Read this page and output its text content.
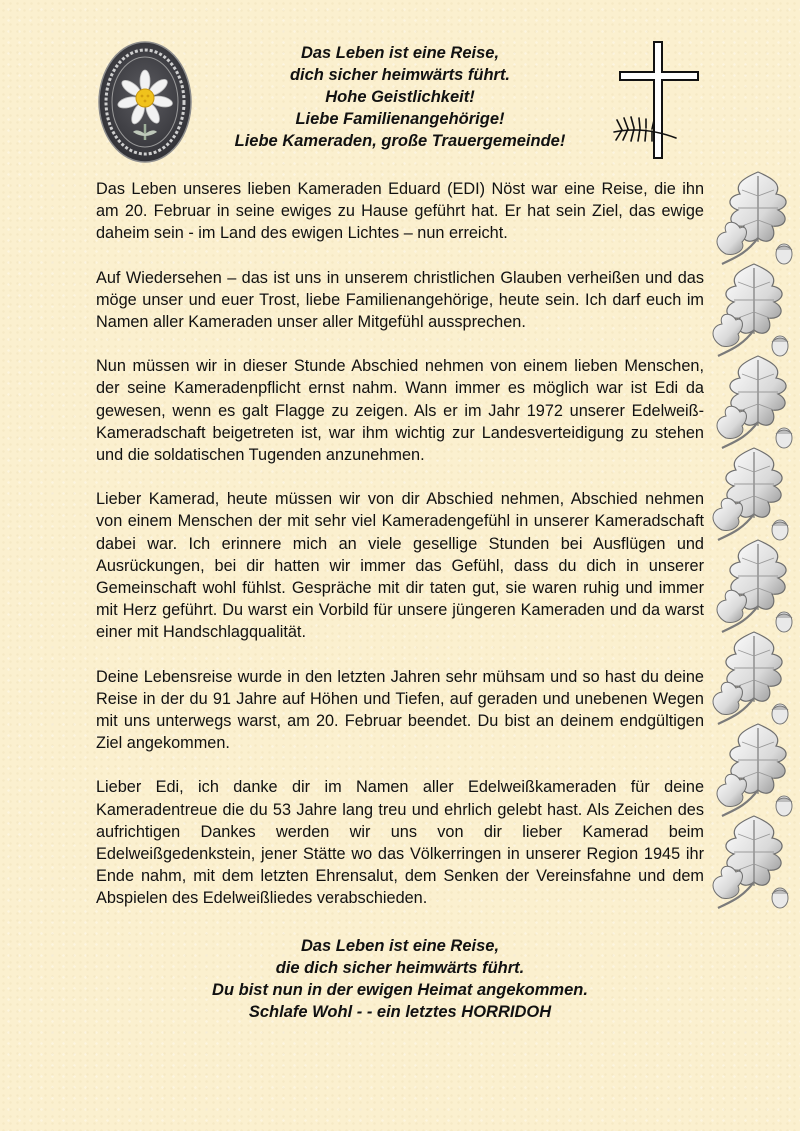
Das Leben ist eine Reise,
dich sicher heimwärts führt.
Hohe Geistlichkeit!
Liebe Familienangehörige!
Liebe Kameraden, große Trauergemeinde!

Das Leben unseres lieben Kameraden Eduard (EDI) Nöst war eine Reise, die ihn am 20. Februar in seine ewiges zu Hause geführt hat. Er hat sein Ziel, das ewige daheim sein - im Land des ewigen Lichtes – nun erreicht.

Auf Wiedersehen – das ist uns in unserem christlichen Glauben verheißen und das möge unser und euer Trost, liebe Familienangehörige, heute sein. Ich darf euch im Namen aller Kameraden unser aller Mitgefühl aussprechen.

Nun müssen wir in dieser Stunde Abschied nehmen von einem lieben Menschen, der seine Kameradenpflicht ernst nahm. Wann immer es möglich war ist Edi da gewesen, wenn es galt Flagge zu zeigen. Als er im Jahr 1972 unserer Edelweiß-Kameradschaft beigetreten ist, war ihm wichtig zur Landesverteidigung zu stehen und die soldatischen Tugenden anzunehmen.

Lieber Kamerad, heute müssen wir von dir Abschied nehmen, Abschied nehmen von einem Menschen der mit sehr viel Kameradengefühl in unserer Kameradschaft dabei war. Ich erinnere mich an viele gesellige Stunden bei Ausflügen und Ausrückungen, bei dir hatten wir immer das Gefühl, dass du dich in unserer Gemeinschaft wohl fühlst. Gespräche mit dir taten gut, sie waren ruhig und immer mit Herz geführt. Du warst ein Vorbild für unsere jüngeren Kameraden und da warst einer mit Handschlagqualität.

Deine Lebensreise wurde in den letzten Jahren sehr mühsam und so hast du deine Reise in der du 91 Jahre auf Höhen und Tiefen, auf geraden und unebenen Wegen mit uns unterwegs warst, am 20. Februar beendet. Du bist an deinem endgültigen Ziel angekommen.

Lieber Edi, ich danke dir im Namen aller Edelweißkameraden für deine Kameradentreue die du 53 Jahre lang treu und ehrlich gelebt hast. Als Zeichen des aufrichtigen Dankes werden wir uns von dir lieber Kamerad beim Edelweißgedenkstein, jener Stätte wo das Völkerringen in unserer Region 1945 ihr Ende nahm, mit dem letzten Ehrensalut, dem Senken der Vereinsfahne und dem Abspielen des Edelweißliedes verabschieden.

Das Leben ist eine Reise,
die dich sicher heimwärts führt.
Du bist nun in der ewigen Heimat angekommen.
Schlafe Wohl - - ein letztes HORRIDOH
